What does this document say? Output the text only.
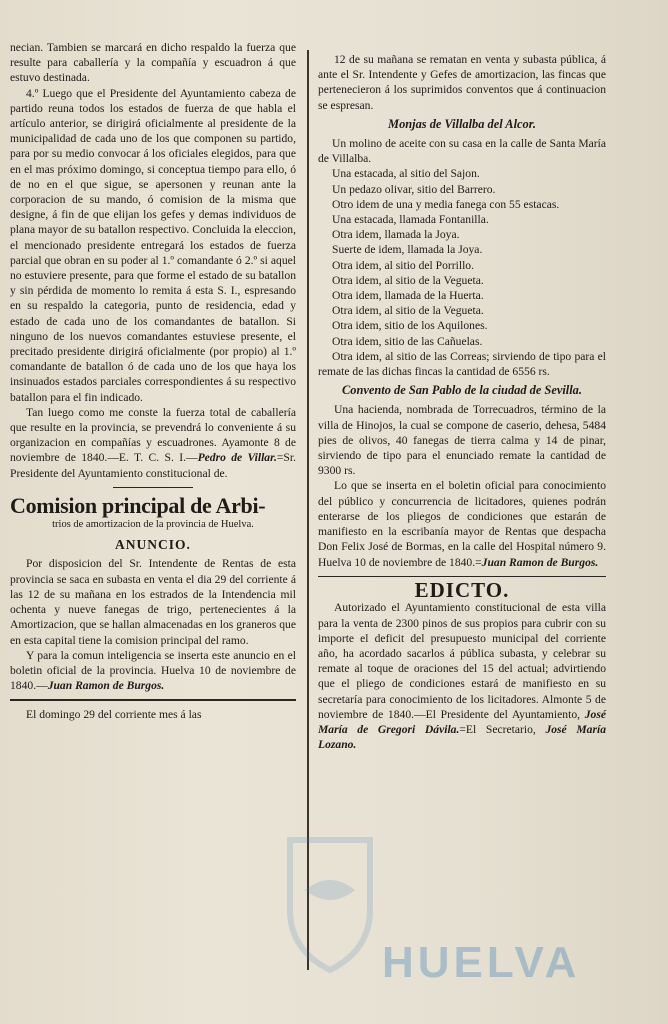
necian. Tambien se marcará en dicho respaldo la fuerza que resulte para caballería y la compañía y escuadron á que estuvo destinada.

4.º Luego que el Presidente del Ayuntamiento cabeza de partido reuna todos los estados de fuerza de que habla el artículo anterior, se dirigirá oficialmente al presidente de la municipalidad de cada uno de los que componen su partido, para por su medio convocar á los oficiales elegidos, para que en el mas próximo domingo, si conceptua tiempo para ello, ó de no en el que sigue, se apersonen y reunan ante la corporacion de su mando, ó comision de la misma que designe, á fin de que elijan los gefes y demas individuos de plana mayor de su batallon respectivo. Concluida la eleccion, el mencionado presidente entregará los estados de fuerza parcial que obran en su poder al 1.º comandante ó 2.º si aquel no estuviere presente, para que forme el estado de su batallon y sin pérdida de momento lo remita á esta S. I., espresando en su respaldo la categoria, punto de residencia, edad y estado de cada uno de los comandantes de batallon. Si ninguno de los nuevos comandantes estuviese presente, el precitado presidente dirigirá oficialmente (por propio) al 1.º comandante de batallon ó de cada uno de los que haya los insinuados estados parciales correspondientes á su respectivo batallon para el fin indicado.

Tan luego como me conste la fuerza total de caballería que resulte en la provincia, se prevendrá lo conveniente á su organizacion en compañías y escuadrones. Ayamonte 8 de noviembre de 1840.—E. T. C. S. I.—Pedro de Villar.=Sr. Presidente del Ayuntamiento constitucional de.

Comision principal de Arbi-
trios de amortizacion de la provincia de Huelva.
ANUNCIO.

Por disposicion del Sr. Intendente de Rentas de esta provincia se saca en subasta en venta el dia 29 del corriente á las 12 de su mañana en los estrados de la Intendencia mil ochenta y nueve fanegas de trigo, pertenecientes á la Amortizacion, que se hallan almacenadas en los graneros que en esta capital tiene la comision principal del ramo.

Y para la comun inteligencia se inserta este anuncio en el boletin oficial de la provincia. Huelva 10 de noviembre de 1840.—Juan Ramon de Burgos.

El domingo 29 del corriente mes á las

12 de su mañana se rematan en venta y subasta pública, á ante el Sr. Intendente y Gefes de amortizacion, las fincas que pertenecieron á los suprimidos conventos que á continuacion se espresan.

Monjas de Villalba del Alcor.

Un molino de aceite con su casa en la calle de Santa María de Villalba.

Una estacada, al sitio del Sajon.

Un pedazo olivar, sitio del Barrero.

Otro idem de una y media fanega con 55 estacas.

Una estacada, llamada Fontanilla.

Otra idem, llamada la Joya.

Suerte de idem, llamada la Joya.

Otra idem, al sitio del Porrillo.

Otra idem, al sitio de la Vegueta.

Otra idem, llamada de la Huerta.

Otra idem, al sitio de la Vegueta.

Otra idem, sitio de los Aquilones.

Otra idem, sitio de las Cañuelas.

Otra idem, al sitio de las Correas; sirviendo de tipo para el remate de las dichas fincas la cantidad de 6556 rs.

Convento de San Pablo de la ciudad de Sevilla.

Una hacienda, nombrada de Torrecuadros, término de la villa de Hinojos, la cual se compone de caserio, dehesa, 5484 pies de olivos, 40 fanegas de tierra calma y 14 de pinar, sirviendo de tipo para el enunciado remate la cantidad de 9300 rs.

Lo que se inserta en el boletin oficial para conocimiento del público y concurrencia de licitadores, quienes podrán enterarse de los pliegos de condiciones que estarán de manifiesto en la escribanía mayor de Rentas que despacha Don Felix José de Bormas, en la calle del Hospital número 9. Huelva 10 de noviembre de 1840.=Juan Ramon de Burgos.

EDICTO.

Autorizado el Ayuntamiento constitucional de esta villa para la venta de 2300 pinos de sus propios para cubrir con su importe el deficit del presupuesto municipal del corriente año, ha acordado sacarlos á pública subasta, y celebrar su remate al toque de oraciones del 15 del actual; advirtiendo que el pliego de condiciones estará de manifiesto en su secretaría para conocimiento de los licitadores. Almonte 5 de noviembre de 1840.—El Presidente del Ayuntamiento, José María de Gregori Dávila.=El Secretario, José María Lozano.

HUELVA
